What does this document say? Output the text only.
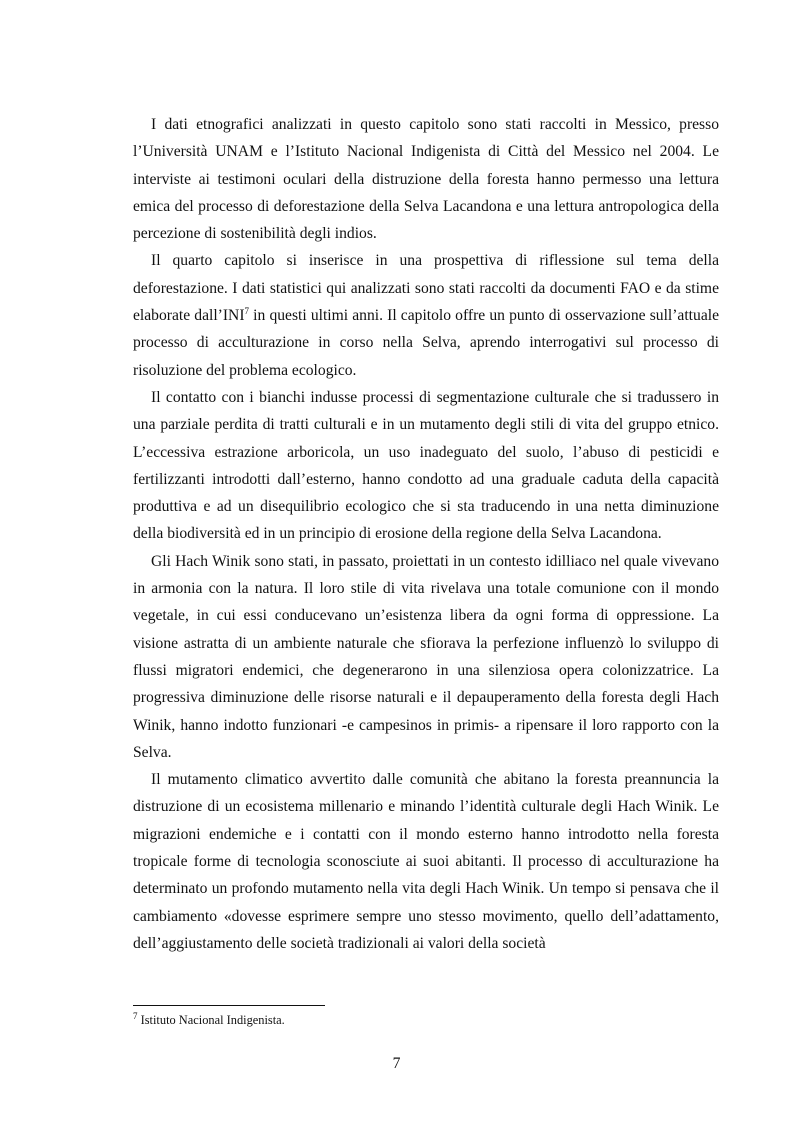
I dati etnografici analizzati in questo capitolo sono stati raccolti in Messico, presso l’Università UNAM e l’Istituto Nacional Indigenista di Città del Messico nel 2004. Le interviste ai testimoni oculari della distruzione della foresta hanno permesso una lettura emica del processo di deforestazione della Selva Lacandona e una lettura antropologica della percezione di sostenibilità degli indios.

Il quarto capitolo si inserisce in una prospettiva di riflessione sul tema della deforestazione. I dati statistici qui analizzati sono stati raccolti da documenti FAO e da stime elaborate dall’INI$^7$ in questi ultimi anni. Il capitolo offre un punto di osservazione sull’attuale processo di acculturazione in corso nella Selva, aprendo interrogativi sul processo di risoluzione del problema ecologico.

Il contatto con i bianchi indusse processi di segmentazione culturale che si tradussero in una parziale perdita di tratti culturali e in un mutamento degli stili di vita del gruppo etnico. L’eccessiva estrazione arboricola, un uso inadeguato del suolo, l’abuso di pesticidi e fertilizzanti introdotti dall’esterno, hanno condotto ad una graduale caduta della capacità produttiva e ad un disequilibrio ecologico che si sta traducendo in una netta diminuzione della biodiversità ed in un principio di erosione della regione della Selva Lacandona.

Gli Hach Winik sono stati, in passato, proiettati in un contesto idilliaco nel quale vivevano in armonia con la natura. Il loro stile di vita rivelava una totale comunione con il mondo vegetale, in cui essi conducevano un’esistenza libera da ogni forma di oppressione. La visione astratta di un ambiente naturale che sfiorava la perfezione influenzò lo sviluppo di flussi migratori endemici, che degenerarono in una silenziosa opera colonizzatrice. La progressiva diminuzione delle risorse naturali e il depauperamento della foresta degli Hach Winik, hanno indotto funzionari -e campesinos in primis- a ripensare il loro rapporto con la Selva.

Il mutamento climatico avvertito dalle comunità che abitano la foresta preannuncia la distruzione di un ecosistema millenario e minando l’identità culturale degli Hach Winik. Le migrazioni endemiche e i contatti con il mondo esterno hanno introdotto nella foresta tropicale forme di tecnologia sconosciute ai suoi abitanti. Il processo di acculturazione ha determinato un profondo mutamento nella vita degli Hach Winik. Un tempo si pensava che il cambiamento «dovesse esprimere sempre uno stesso movimento, quello dell’adattamento, dell’aggiustamento delle società tradizionali ai valori della società

$^7$ Istituto Nacional Indigenista.
7
